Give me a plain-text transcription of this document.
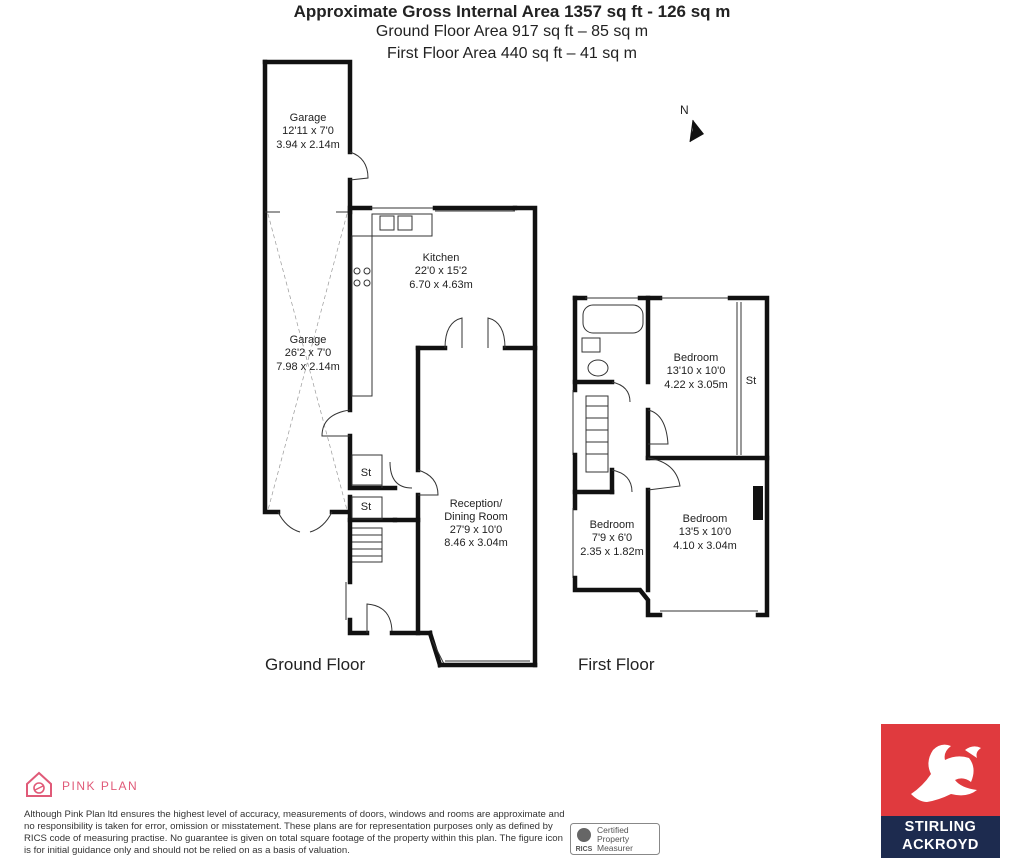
Approximate Gross Internal Area 1357 sq ft - 126 sq m
Ground Floor Area 917 sq ft – 85 sq m
First Floor Area 440 sq ft – 41 sq m
N
Ground Floor	First Floor
Garage
12'11 x 7'0
3.94 x 2.14m
Garage
26'2 x 7'0
7.98 x 2.14m
Kitchen
22'0 x 15'2
6.70 x 4.63m
Reception/
Dining Room
27'9 x 10'0
8.46 x 3.04m
St
St
Bedroom
13'10 x 10'0
4.22 x 3.05m St
Bedroom
7'9 x 6'0
2.35 x 1.82m
Bedroom
13'5 x 10'0
4.10 x 3.04m
PINK PLAN
Although Pink Plan ltd ensures the highest level of accuracy, measurements of doors, windows and rooms are approximate and no responsibility is taken for error, omission or misstatement. These plans are for representation purposes only as defined by RICS code of measuring practise. No guarantee is given on total square footage of the property within this plan. The figure icon is for initial guidance only and should not be relied on as a basis of valuation.	RICS
Certified
Property
Measurer
STIRLING
ACKROYD
